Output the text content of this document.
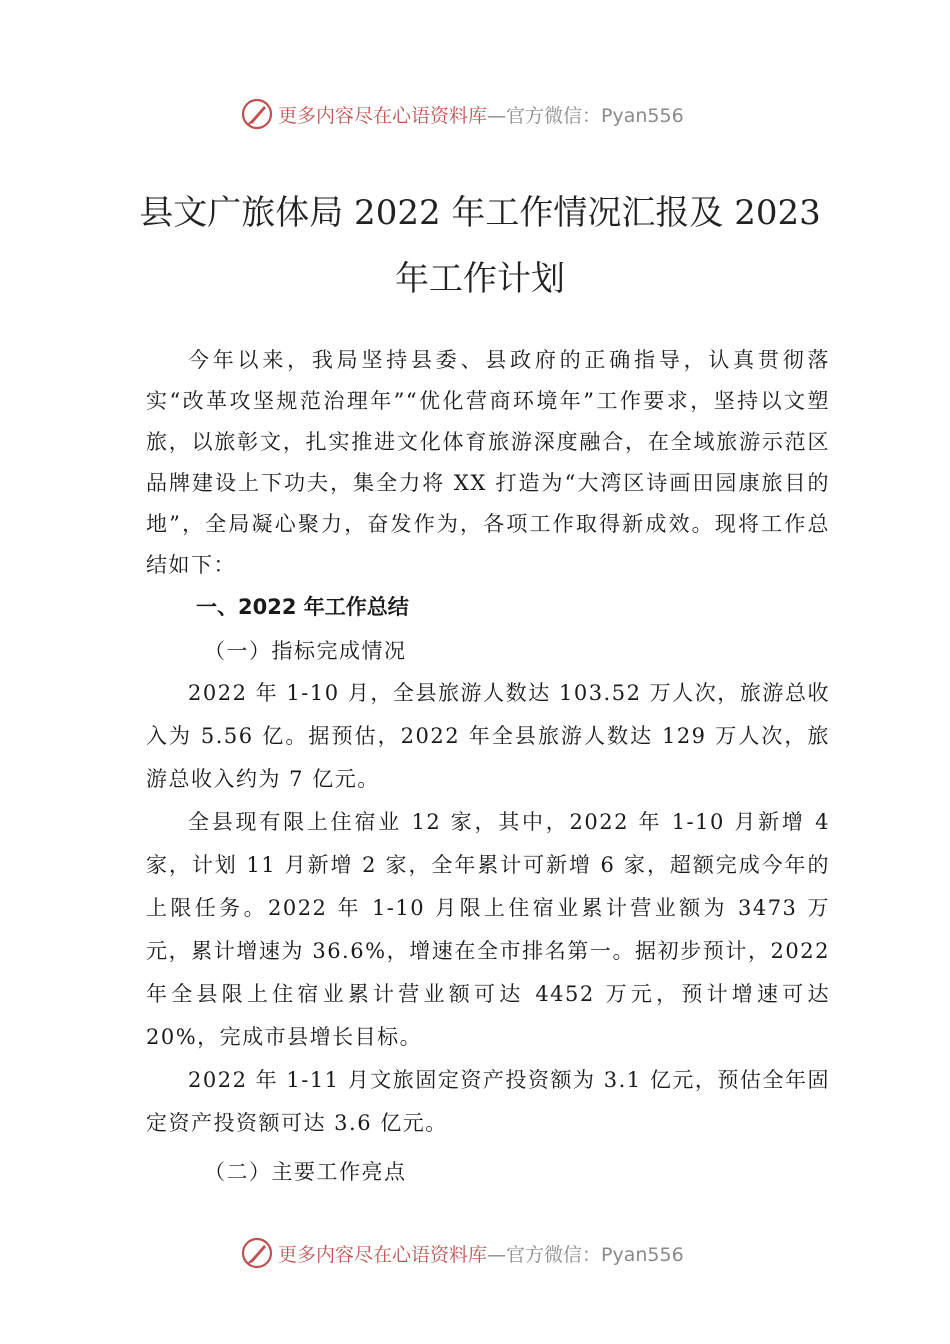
更多内容尽在心语资料库—官方微信：Pyan556
县文广旅体局 2022 年工作情况汇报及 2023
年工作计划

今年以来，我局坚持县委、县政府的正确指导，认真贯彻落实“改革攻坚规范治理年”“优化营商环境年”工作要求，坚持以文塑旅，以旅彰文，扎实推进文化体育旅游深度融合，在全域旅游示范区品牌建设上下功夫，集全力将 XX 打造为“大湾区诗画田园康旅目的地”，全局凝心聚力，奋发作为，各项工作取得新成效。现将工作总结如下：

一、2022 年工作总结

（一）指标完成情况

2022 年 1-10 月，全县旅游人数达 103.52 万人次，旅游总收入为 5.56 亿。据预估，2022 年全县旅游人数达 129 万人次，旅游总收入约为 7 亿元。

全县现有限上住宿业 12 家，其中，2022 年 1-10 月新增 4 家，计划 11 月新增 2 家，全年累计可新增 6 家，超额完成今年的上限任务。2022 年 1-10 月限上住宿业累计营业额为 3473 万元，累计增速为 36.6%，增速在全市排名第一。据初步预计，2022 年全县限上住宿业累计营业额可达 4452 万元，预计增速可达 20%，完成市县增长目标。

2022 年 1-11 月文旅固定资产投资额为 3.1 亿元，预估全年固定资产投资额可达 3.6 亿元。

（二）主要工作亮点

更多内容尽在心语资料库—官方微信：Pyan556
